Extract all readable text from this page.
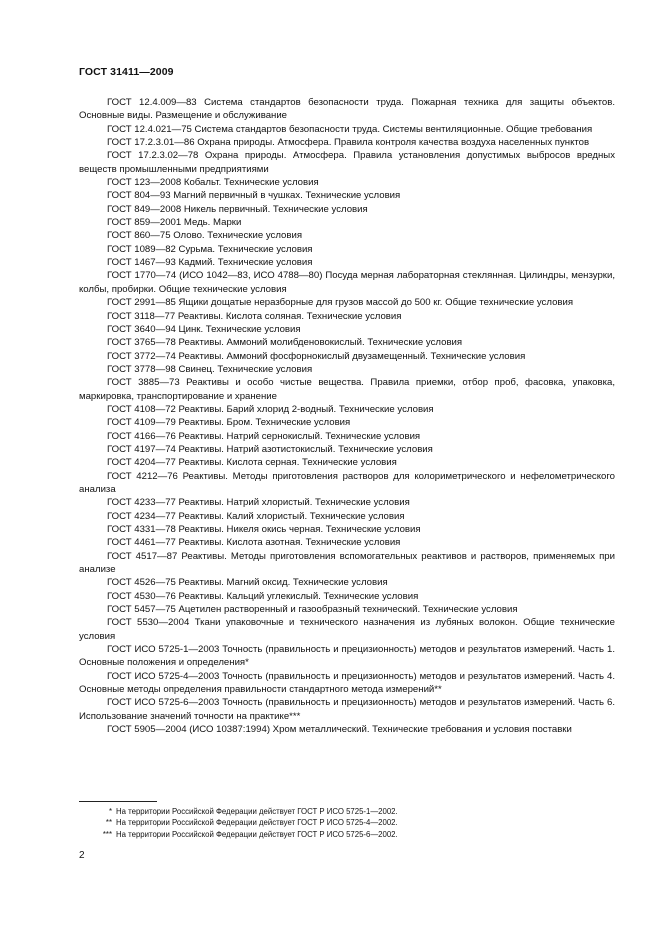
ГОСТ 31411—2009

ГОСТ 12.4.009—83 Система стандартов безопасности труда. Пожарная техника для защиты объектов. Основные виды. Размещение и обслуживание

ГОСТ 12.4.021—75 Система стандартов безопасности труда. Системы вентиляционные. Общие требования

ГОСТ 17.2.3.01—86 Охрана природы. Атмосфера. Правила контроля качества воздуха населенных пунктов

ГОСТ 17.2.3.02—78 Охрана природы. Атмосфера. Правила установления допустимых выбросов вредных веществ промышленными предприятиями

ГОСТ 123—2008 Кобальт. Технические условия

ГОСТ 804—93 Магний первичный в чушках. Технические условия

ГОСТ 849—2008 Никель первичный. Технические условия

ГОСТ 859—2001 Медь. Марки

ГОСТ 860—75 Олово. Технические условия

ГОСТ 1089—82 Сурьма. Технические условия

ГОСТ 1467—93 Кадмий. Технические условия

ГОСТ 1770—74 (ИСО 1042—83, ИСО 4788—80) Посуда мерная лабораторная стеклянная. Цилиндры, мензурки, колбы, пробирки. Общие технические условия

ГОСТ 2991—85 Ящики дощатые неразборные для грузов массой до 500 кг. Общие технические условия

ГОСТ 3118—77 Реактивы. Кислота соляная. Технические условия

ГОСТ 3640—94 Цинк. Технические условия

ГОСТ 3765—78 Реактивы. Аммоний молибденовокислый. Технические условия

ГОСТ 3772—74 Реактивы. Аммоний фосфорнокислый двузамещенный. Технические условия

ГОСТ 3778—98 Свинец. Технические условия

ГОСТ 3885—73 Реактивы и особо чистые вещества. Правила приемки, отбор проб, фасовка, упаковка, маркировка, транспортирование и хранение

ГОСТ 4108—72 Реактивы. Барий хлорид 2-водный. Технические условия

ГОСТ 4109—79 Реактивы. Бром. Технические условия

ГОСТ 4166—76 Реактивы. Натрий сернокислый. Технические условия

ГОСТ 4197—74 Реактивы. Натрий азотистокислый. Технические условия

ГОСТ 4204—77 Реактивы. Кислота серная. Технические условия

ГОСТ 4212—76 Реактивы. Методы приготовления растворов для колориметрического и нефелометрического анализа

ГОСТ 4233—77 Реактивы. Натрий хлористый. Технические условия

ГОСТ 4234—77 Реактивы. Калий хлористый. Технические условия

ГОСТ 4331—78 Реактивы. Никеля окись черная. Технические условия

ГОСТ 4461—77 Реактивы. Кислота азотная. Технические условия

ГОСТ 4517—87 Реактивы. Методы приготовления вспомогательных реактивов и растворов, применяемых при анализе

ГОСТ 4526—75 Реактивы. Магний оксид. Технические условия

ГОСТ 4530—76 Реактивы. Кальций углекислый. Технические условия

ГОСТ 5457—75 Ацетилен растворенный и газообразный технический. Технические условия

ГОСТ 5530—2004 Ткани упаковочные и технического назначения из лубяных волокон. Общие технические условия

ГОСТ ИСО 5725-1—2003 Точность (правильность и прецизионность) методов и результатов измерений. Часть 1. Основные положения и определения*

ГОСТ ИСО 5725-4—2003 Точность (правильность и прецизионность) методов и результатов измерений. Часть 4. Основные методы определения правильности стандартного метода измерений**

ГОСТ ИСО 5725-6—2003 Точность (правильность и прецизионность) методов и результатов измерений. Часть 6. Использование значений точности на практике***

ГОСТ 5905—2004 (ИСО 10387:1994) Хром металлический. Технические требования и условия поставки

* На территории Российской Федерации действует ГОСТ Р ИСО 5725-1—2002.

** На территории Российской Федерации действует ГОСТ Р ИСО 5725-4—2002.

*** На территории Российской Федерации действует ГОСТ Р ИСО 5725-6—2002.

2
